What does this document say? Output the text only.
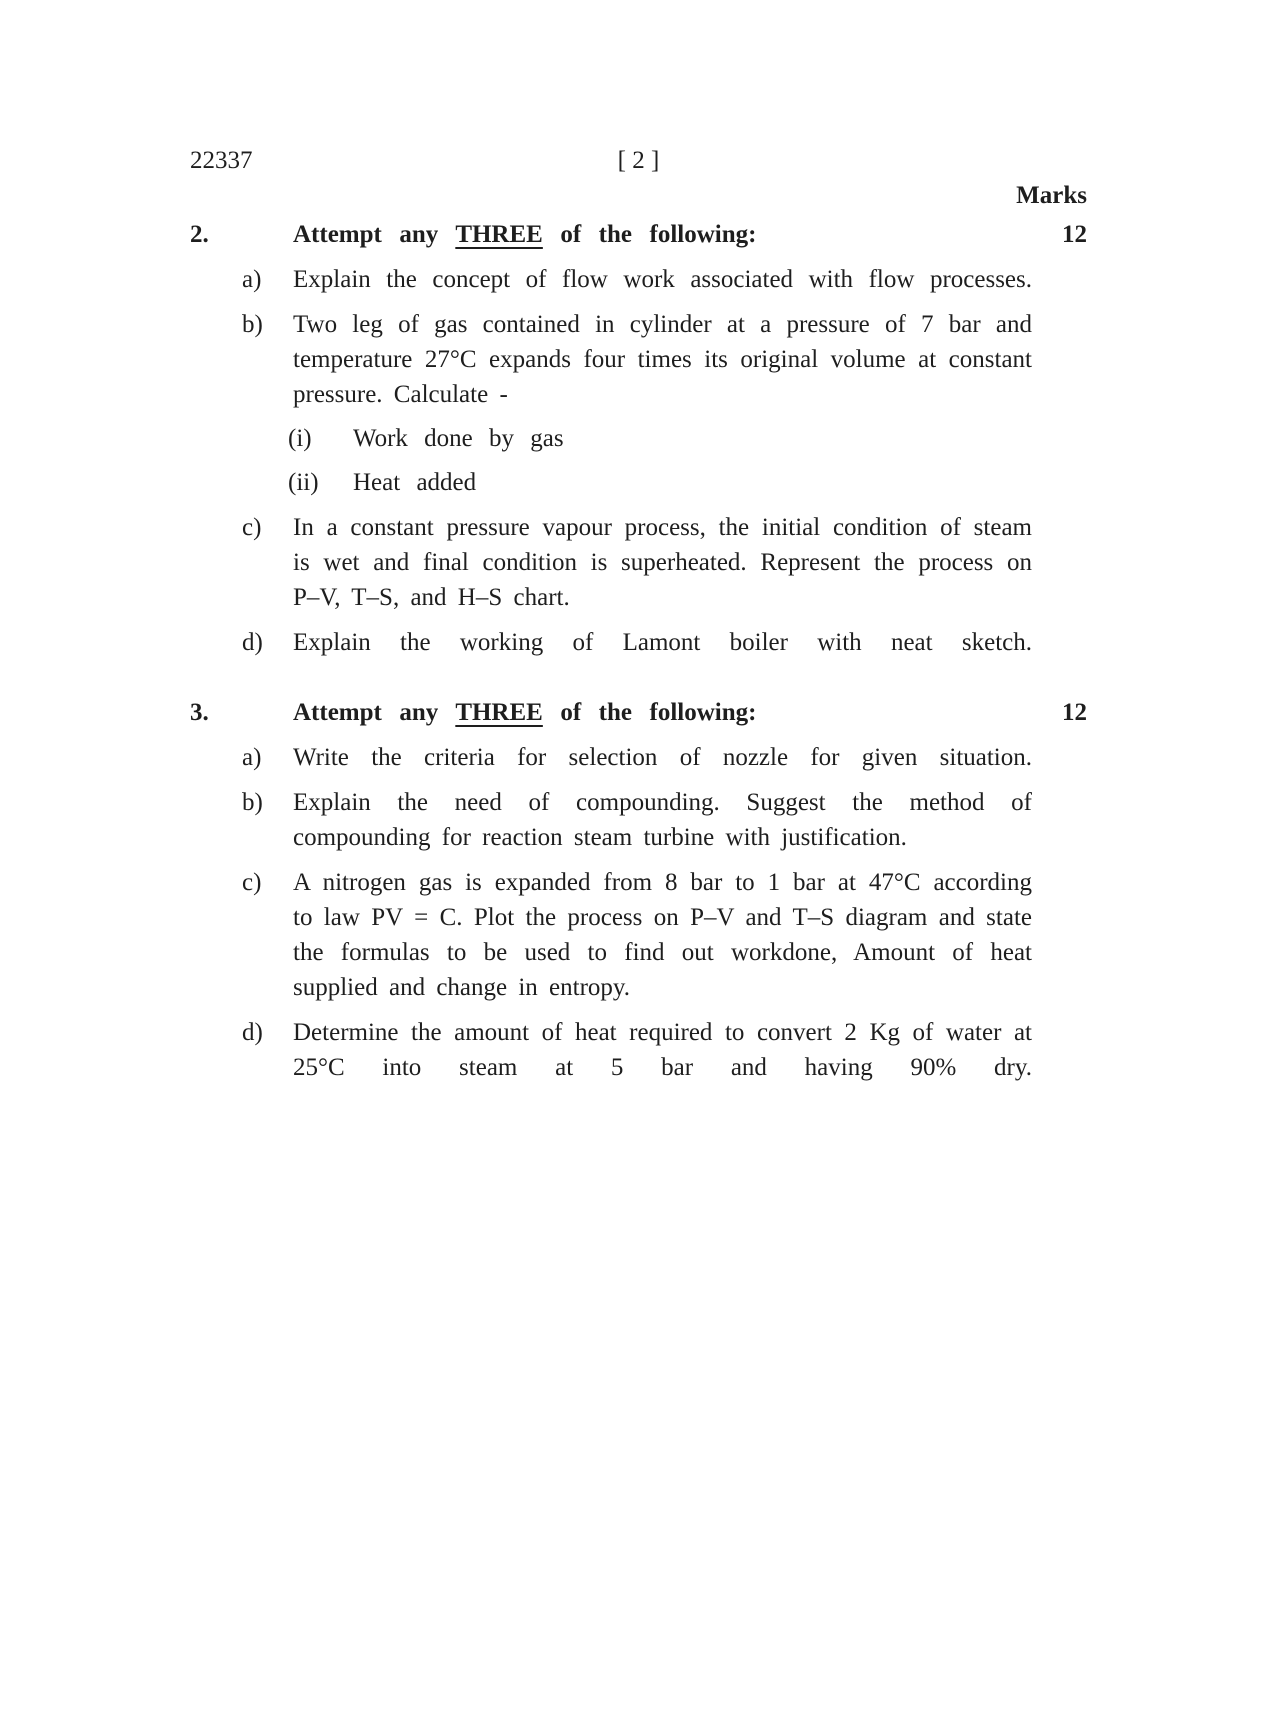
22337	[ 2 ]
Marks
2.	Attempt any THREE of the following:	12
a)	Explain the concept of flow work associated with flow processes.
b)	Two leg of gas contained in cylinder at a pressure of 7 bar and temperature 27°C expands four times its original volume at constant pressure. Calculate -
(i)	Work done by gas
(ii)	Heat added
c)	In a constant pressure vapour process, the initial condition of steam is wet and final condition is superheated. Represent the process on P–V, T–S, and H–S chart.
d)	Explain the working of Lamont boiler with neat sketch.
3.	Attempt any THREE of the following:	12
a)	Write the criteria for selection of nozzle for given situation.
b)	Explain the need of compounding. Suggest the method of compounding for reaction steam turbine with justification.
c)	A nitrogen gas is expanded from 8 bar to 1 bar at 47°C according to law PV = C. Plot the process on P–V and T–S diagram and state the formulas to be used to find out workdone, Amount of heat supplied and change in entropy.
d)	Determine the amount of heat required to convert 2 Kg of water at 25°C into steam at 5 bar and having 90% dry.
